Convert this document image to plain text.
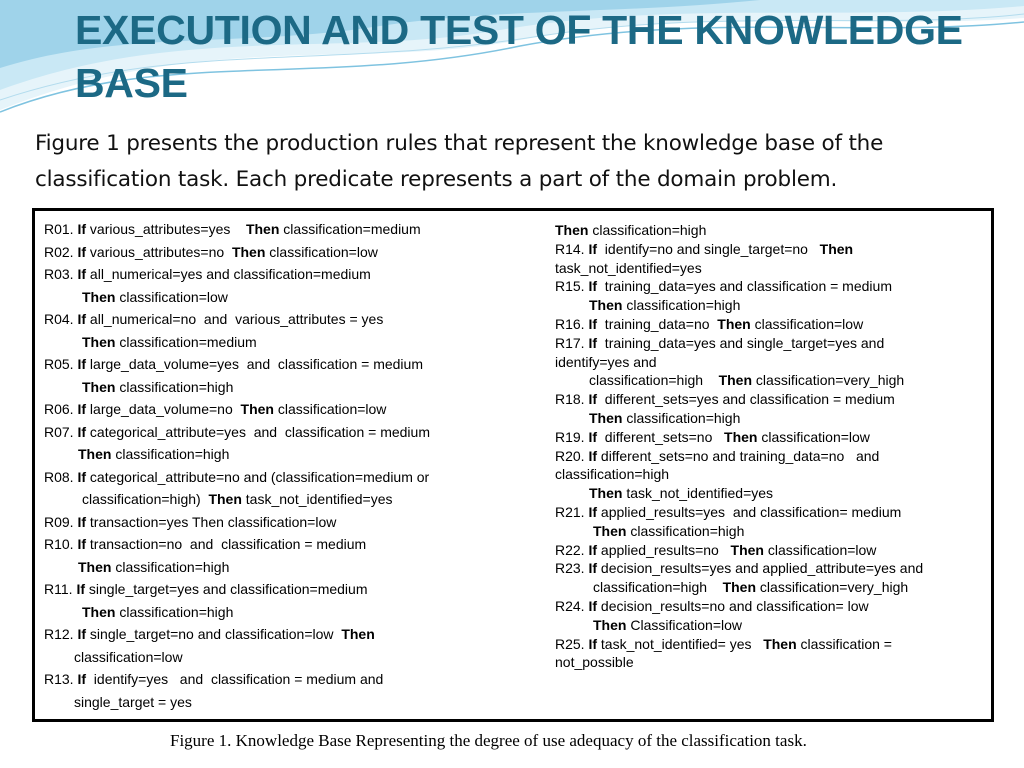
EXECUTION AND TEST OF THE KNOWLEDGE BASE

Figure 1 presents the production rules that represent the knowledge base of the classification task. Each predicate represents a part of the domain problem.

R01. If various_attributes=yes    Then classification=medium

R02. If various_attributes=no  Then classification=low

R03. If all_numerical=yes and classification=medium

Then classification=low

R04. If all_numerical=no  and  various_attributes = yes

Then classification=medium

R05. If large_data_volume=yes  and  classification = medium

Then classification=high

R06. If large_data_volume=no  Then classification=low

R07. If categorical_attribute=yes  and  classification = medium

Then classification=high

R08. If categorical_attribute=no and (classification=medium or

classification=high)  Then task_not_identified=yes

R09. If transaction=yes Then classification=low

R10. If transaction=no  and  classification = medium

Then classification=high

R11. If single_target=yes and classification=medium

Then classification=high

R12. If single_target=no and classification=low  Then

classification=low

R13. If  identify=yes   and  classification = medium and

single_target = yes

Then classification=high

R14. If  identify=no and single_target=no   Then

task_not_identified=yes

R15. If  training_data=yes and classification = medium

Then classification=high

R16. If  training_data=no  Then classification=low

R17. If  training_data=yes and single_target=yes and

identify=yes and

classification=high    Then classification=very_high

R18. If  different_sets=yes and classification = medium

Then classification=high

R19. If  different_sets=no   Then classification=low

R20. If different_sets=no and training_data=no   and

classification=high

Then task_not_identified=yes

R21. If applied_results=yes  and classification= medium

Then classification=high

R22. If applied_results=no   Then classification=low

R23. If decision_results=yes and applied_attribute=yes and

classification=high    Then classification=very_high

R24. If decision_results=no and classification= low

Then Classification=low

R25. If task_not_identified= yes   Then classification =

not_possible

Figure 1. Knowledge Base Representing the degree of use adequacy of the classification task.
